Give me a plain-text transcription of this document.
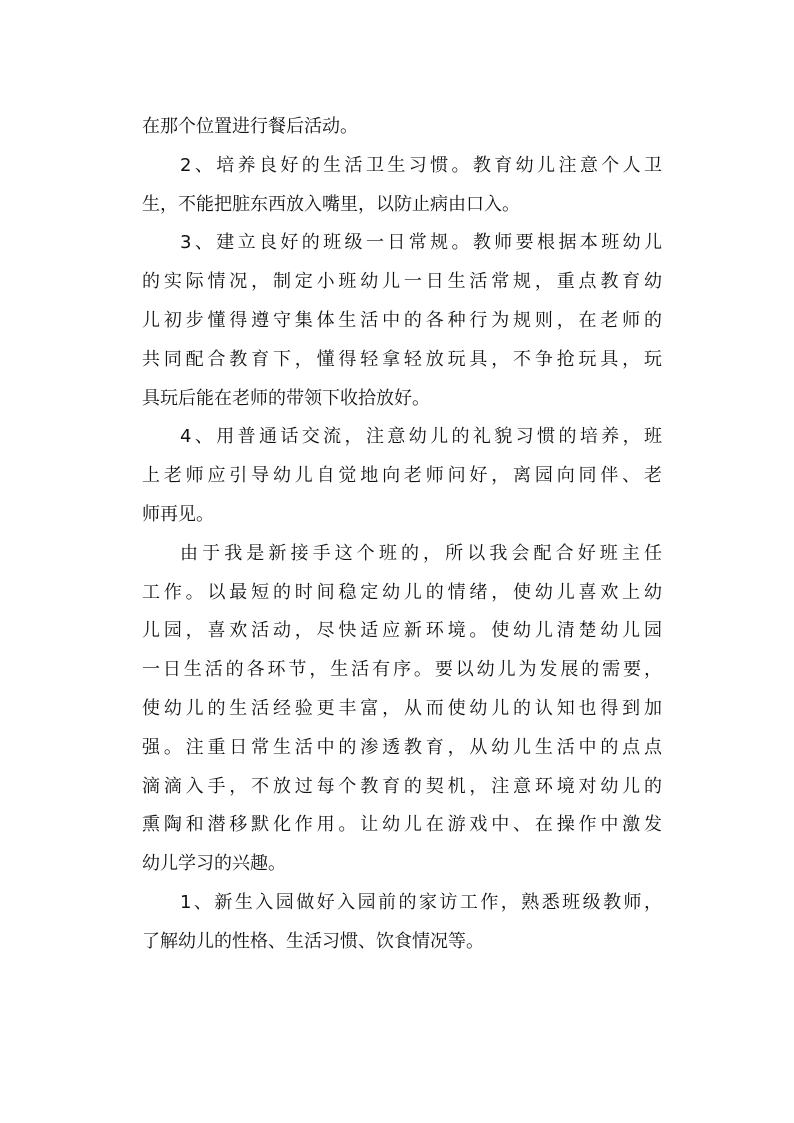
在那个位置进行餐后活动。
2、培养良好的生活卫生习惯。教育幼儿注意个人卫
生，不能把脏东西放入嘴里，以防止病由口入。
3、建立良好的班级一日常规。教师要根据本班幼儿
的实际情况，制定小班幼儿一日生活常规，重点教育幼
儿初步懂得遵守集体生活中的各种行为规则，在老师的
共同配合教育下，懂得轻拿轻放玩具，不争抢玩具，玩
具玩后能在老师的带领下收拾放好。
4、用普通话交流，注意幼儿的礼貌习惯的培养，班
上老师应引导幼儿自觉地向老师问好，离园向同伴、老
师再见。
由于我是新接手这个班的，所以我会配合好班主任
工作。以最短的时间稳定幼儿的情绪，使幼儿喜欢上幼
儿园，喜欢活动，尽快适应新环境。使幼儿清楚幼儿园
一日生活的各环节，生活有序。要以幼儿为发展的需要，
使幼儿的生活经验更丰富，从而使幼儿的认知也得到加
强。注重日常生活中的渗透教育，从幼儿生活中的点点
滴滴入手，不放过每个教育的契机，注意环境对幼儿的
熏陶和潜移默化作用。让幼儿在游戏中、在操作中激发
幼儿学习的兴趣。
1、新生入园做好入园前的家访工作，熟悉班级教师，
了解幼儿的性格、生活习惯、饮食情况等。
